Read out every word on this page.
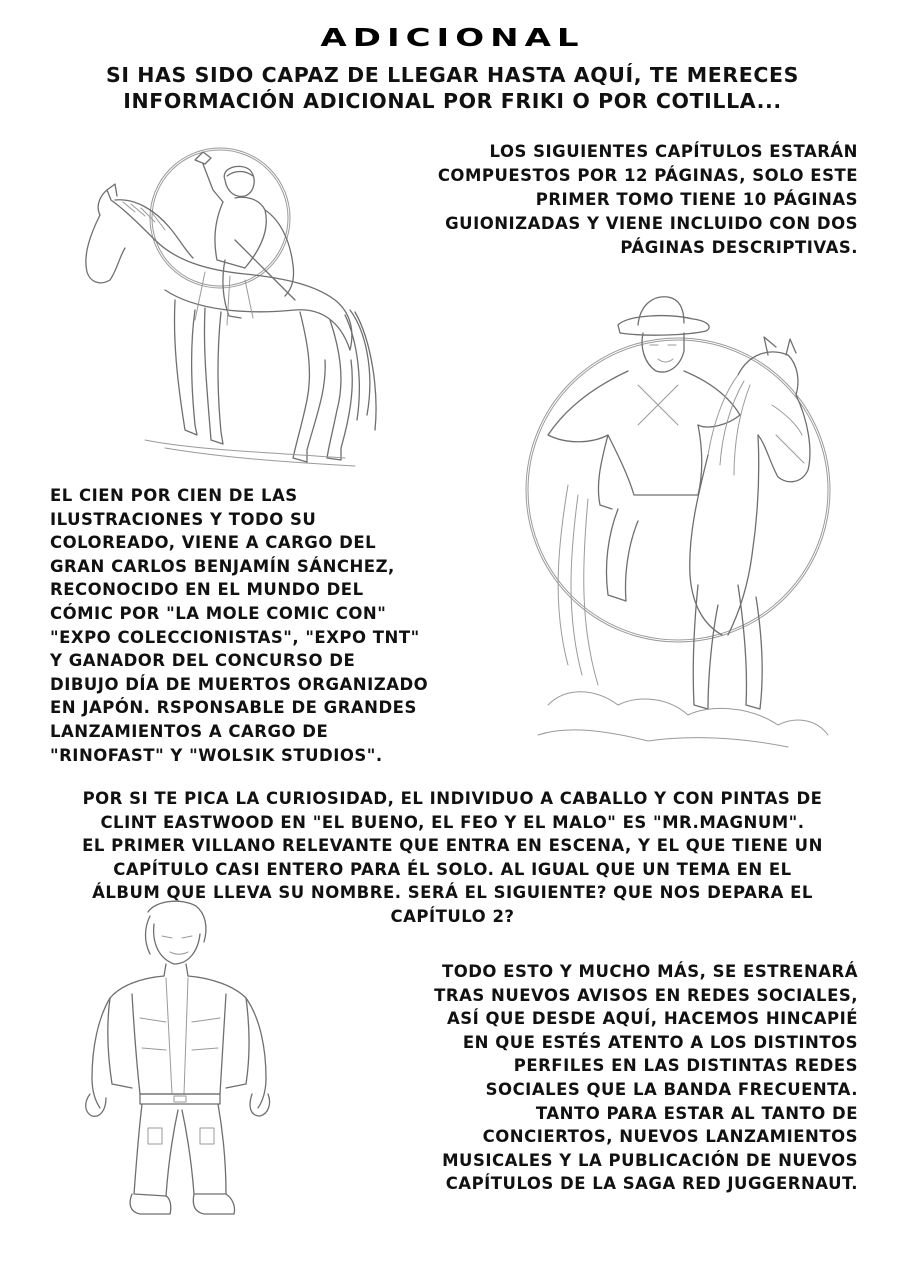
ADICIONAL
SI HAS SIDO CAPAZ DE LLEGAR HASTA AQUÍ, TE MERECES
INFORMACIÓN ADICIONAL POR FRIKI O POR COTILLA...
LOS SIGUIENTES CAPÍTULOS ESTARÁN
COMPUESTOS POR 12 PÁGINAS, SOLO ESTE
PRIMER TOMO TIENE 10 PÁGINAS
GUIONIZADAS Y VIENE INCLUIDO CON DOS
PÁGINAS DESCRIPTIVAS.
EL CIEN POR CIEN DE LAS
ILUSTRACIONES Y TODO SU
COLOREADO, VIENE A CARGO DEL
GRAN CARLOS BENJAMÍN SÁNCHEZ,
RECONOCIDO EN EL MUNDO DEL
CÓMIC POR "LA MOLE COMIC CON"
"EXPO COLECCIONISTAS", "EXPO TNT"
Y GANADOR DEL CONCURSO DE
DIBUJO DÍA DE MUERTOS ORGANIZADO
EN JAPÓN. RSPONSABLE DE GRANDES
LANZAMIENTOS A CARGO DE
"RINOFAST" Y "WOLSIK STUDIOS".
POR SI TE PICA LA CURIOSIDAD, EL INDIVIDUO A CABALLO Y CON PINTAS DE
CLINT EASTWOOD EN "EL BUENO, EL FEO Y EL MALO" ES "MR.MAGNUM".
EL PRIMER VILLANO RELEVANTE QUE ENTRA EN ESCENA, Y EL QUE TIENE UN
CAPÍTULO CASI ENTERO PARA ÉL SOLO. AL IGUAL QUE UN TEMA EN EL
ÁLBUM QUE LLEVA SU NOMBRE. SERÁ EL SIGUIENTE? QUE NOS DEPARA EL
CAPÍTULO 2?
TODO ESTO Y MUCHO MÁS, SE ESTRENARÁ
TRAS NUEVOS AVISOS EN REDES SOCIALES,
ASÍ QUE DESDE AQUÍ, HACEMOS HINCAPIÉ
EN QUE ESTÉS ATENTO A LOS DISTINTOS
PERFILES EN LAS DISTINTAS REDES
SOCIALES QUE LA BANDA FRECUENTA.
TANTO PARA ESTAR AL TANTO DE
CONCIERTOS, NUEVOS LANZAMIENTOS
MUSICALES Y LA PUBLICACIÓN DE NUEVOS
CAPÍTULOS DE LA SAGA RED JUGGERNAUT.
